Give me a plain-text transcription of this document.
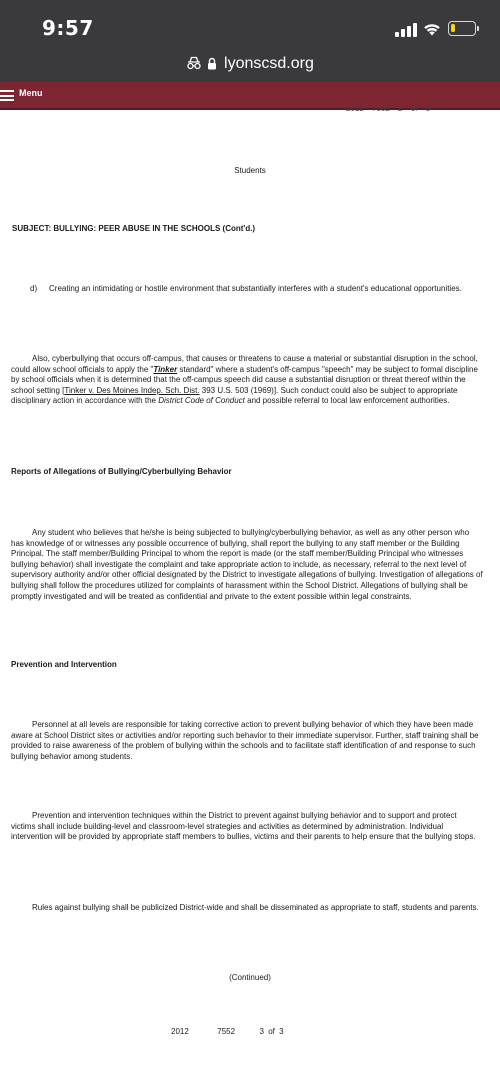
9:57
lyonscsd.org
Menu
2012 7552 2 of 3
Students
SUBJECT: BULLYING: PEER ABUSE IN THE SCHOOLS (Cont'd.)
d) Creating an intimidating or hostile environment that substantially interferes with a student's educational opportunities.
Also, cyberbullying that occurs off-campus, that causes or threatens to cause a material or substantial disruption in the school, could allow school officials to apply the "Tinker standard" where a student's off-campus "speech" may be subject to formal discipline by school officials when it is determined that the off-campus speech did cause a substantial disruption or threat thereof within the school setting [Tinker v. Des Moines Indep. Sch. Dist. 393 U.S. 503 (1969)]. Such conduct could also be subject to appropriate disciplinary action in accordance with the District Code of Conduct and possible referral to local law enforcement authorities.
Reports of Allegations of Bullying/Cyberbullying Behavior
Any student who believes that he/she is being subjected to bullying/cyberbullying behavior, as well as any other person who has knowledge of or witnesses any possible occurrence of bullying, shall report the bullying to any staff member or the Building Principal. The staff member/Building Principal to whom the report is made (or the staff member/Building Principal who witnesses bullying behavior) shall investigate the complaint and take appropriate action to include, as necessary, referral to the next level of supervisory authority and/or other official designated by the District to investigate allegations of bullying. Investigation of allegations of bullying shall follow the procedures utilized for complaints of harassment within the School District. Allegations of bullying shall be promptly investigated and will be treated as confidential and private to the extent possible within legal constraints.
Prevention and Intervention
Personnel at all levels are responsible for taking corrective action to prevent bullying behavior of which they have been made aware at School District sites or activities and/or reporting such behavior to their immediate supervisor. Further, staff training shall be provided to raise awareness of the problem of bullying within the schools and to facilitate staff identification of and response to such bullying behavior among students.
Prevention and intervention techniques within the District to prevent against bullying behavior and to support and protect victims shall include building-level and classroom-level strategies and activities as determined by administration. Individual intervention will be provided by appropriate staff members to bullies, victims and their parents to help ensure that the bullying stops.
Rules against bullying shall be publicized District-wide and shall be disseminated as appropriate to staff, students and parents.
(Continued)
2012	7552	3 of 3
